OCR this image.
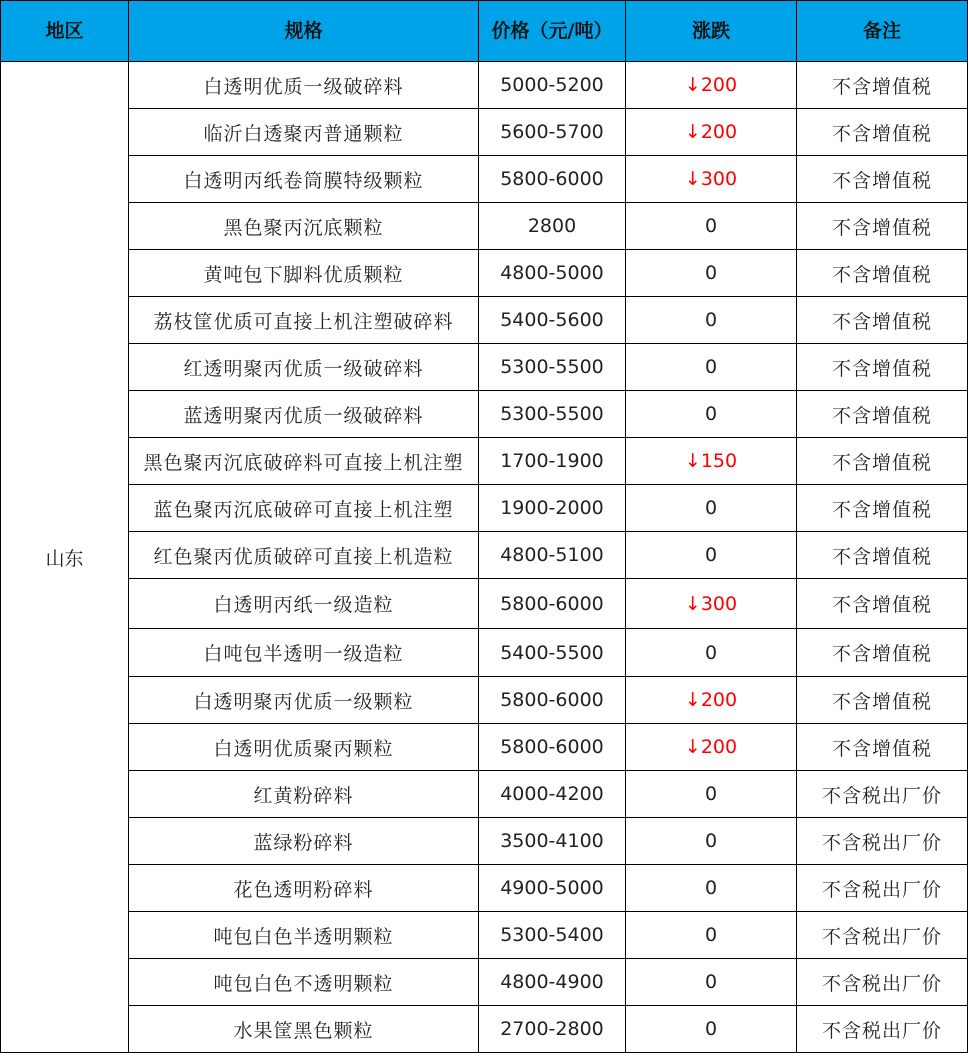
地区	规格	价格（元/吨）	涨跌	备注
山东	白透明优质一级破碎料	5000-5200	↓200	不含增值税
	临沂白透聚丙普通颗粒	5600-5700	↓200	不含增值税
	白透明丙纸卷筒膜特级颗粒	5800-6000	↓300	不含增值税
	黑色聚丙沉底颗粒	2800	0	不含增值税
	黄吨包下脚料优质颗粒	4800-5000	0	不含增值税
	荔枝筐优质可直接上机注塑破碎料	5400-5600	0	不含增值税
	红透明聚丙优质一级破碎料	5300-5500	0	不含增值税
	蓝透明聚丙优质一级破碎料	5300-5500	0	不含增值税
	黑色聚丙沉底破碎料可直接上机注塑	1700-1900	↓150	不含增值税
	蓝色聚丙沉底破碎可直接上机注塑	1900-2000	0	不含增值税
	红色聚丙优质破碎可直接上机造粒	4800-5100	0	不含增值税
	白透明丙纸一级造粒	5800-6000	↓300	不含增值税
	白吨包半透明一级造粒	5400-5500	0	不含增值税
	白透明聚丙优质一级颗粒	5800-6000	↓200	不含增值税
	白透明优质聚丙颗粒	5800-6000	↓200	不含增值税
	红黄粉碎料	4000-4200	0	不含税出厂价
	蓝绿粉碎料	3500-4100	0	不含税出厂价
	花色透明粉碎料	4900-5000	0	不含税出厂价
	吨包白色半透明颗粒	5300-5400	0	不含税出厂价
	吨包白色不透明颗粒	4800-4900	0	不含税出厂价
	水果筐黑色颗粒	2700-2800	0	不含税出厂价
